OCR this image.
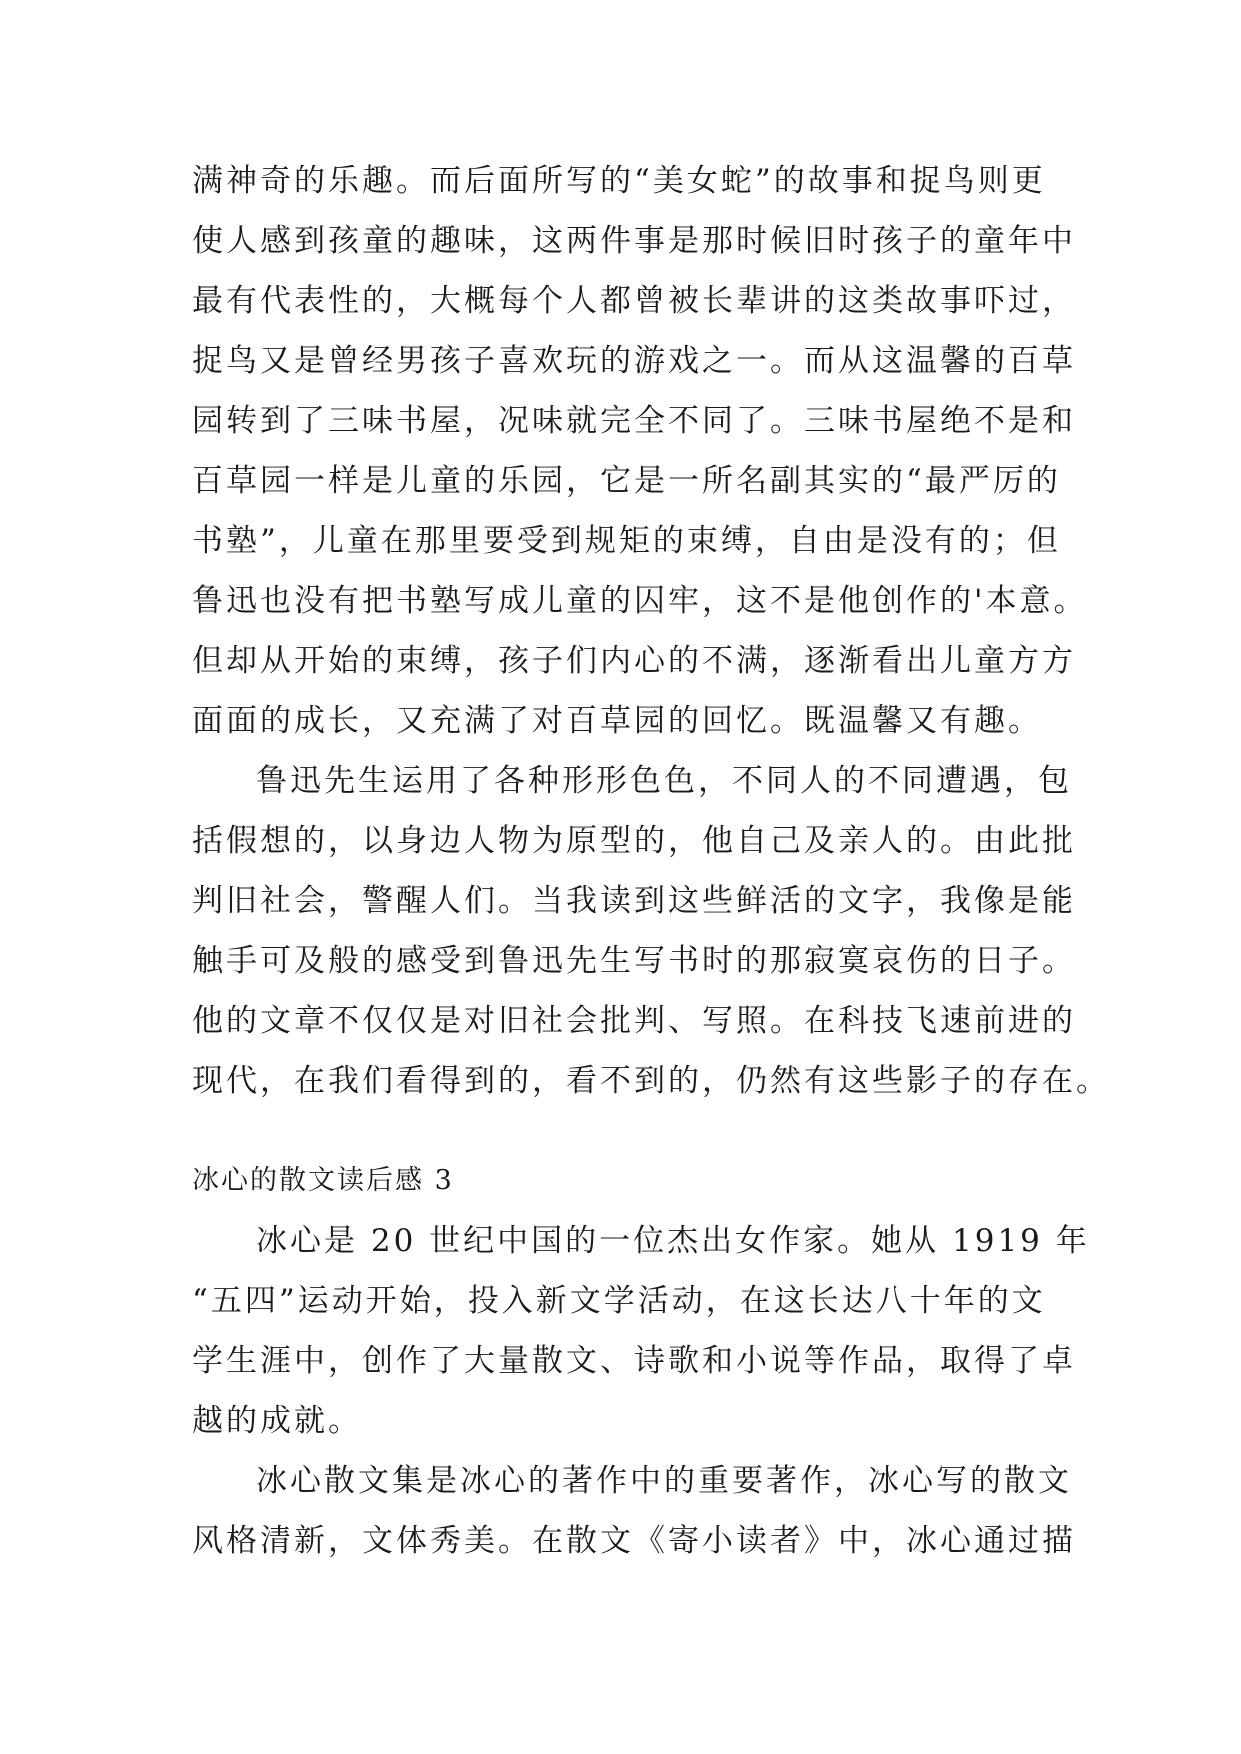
满神奇的乐趣。而后面所写的“美女蛇”的故事和捉鸟则更
使人感到孩童的趣味，这两件事是那时候旧时孩子的童年中
最有代表性的，大概每个人都曾被长辈讲的这类故事吓过，
捉鸟又是曾经男孩子喜欢玩的游戏之一。而从这温馨的百草
园转到了三味书屋，况味就完全不同了。三味书屋绝不是和
百草园一样是儿童的乐园，它是一所名副其实的“最严厉的
书塾”，儿童在那里要受到规矩的束缚，自由是没有的；但
鲁迅也没有把书塾写成儿童的囚牢，这不是他创作的'本意。
但却从开始的束缚，孩子们内心的不满，逐渐看出儿童方方
面面的成长，又充满了对百草园的回忆。既温馨又有趣。
鲁迅先生运用了各种形形色色，不同人的不同遭遇，包
括假想的，以身边人物为原型的，他自己及亲人的。由此批
判旧社会，警醒人们。当我读到这些鲜活的文字，我像是能
触手可及般的感受到鲁迅先生写书时的那寂寞哀伤的日子。
他的文章不仅仅是对旧社会批判、写照。在科技飞速前进的
现代，在我们看得到的，看不到的，仍然有这些影子的存在。
冰心的散文读后感 3
冰心是 20 世纪中国的一位杰出女作家。她从 1919 年
“五四”运动开始，投入新文学活动，在这长达八十年的文
学生涯中，创作了大量散文、诗歌和小说等作品，取得了卓
越的成就。
冰心散文集是冰心的著作中的重要著作，冰心写的散文
风格清新，文体秀美。在散文《寄小读者》中，冰心通过描
